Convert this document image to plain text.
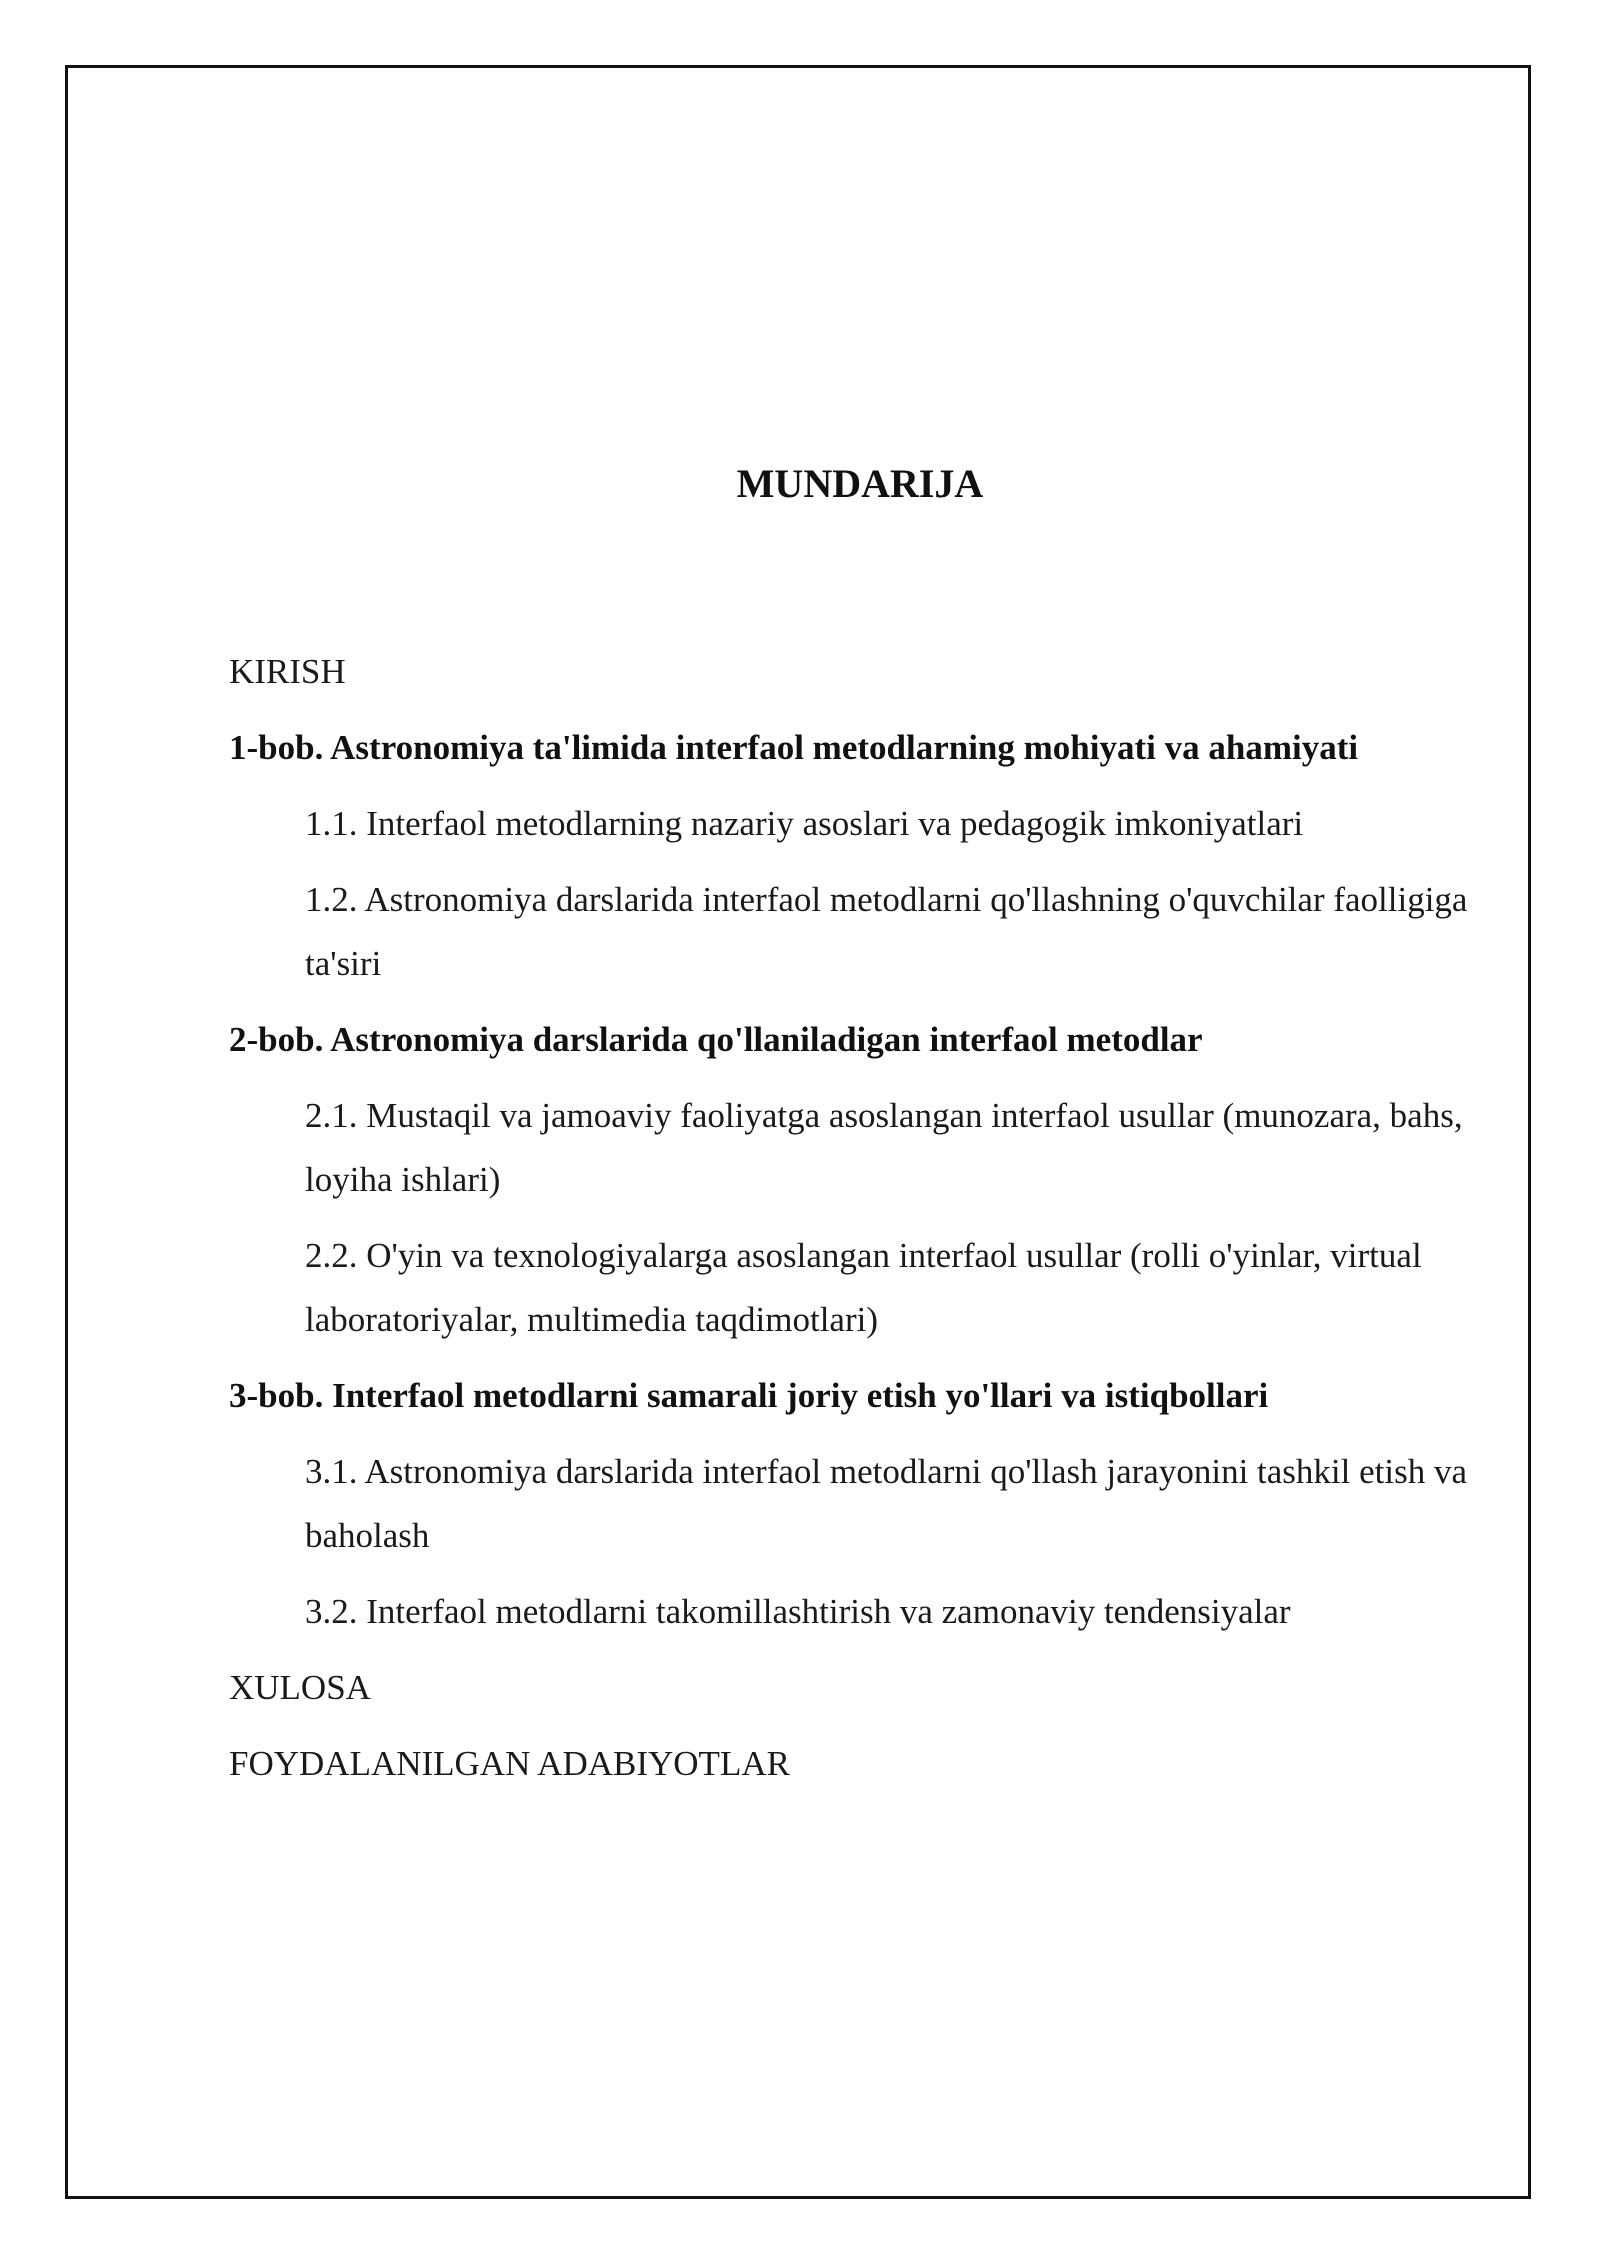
MUNDARIJA
KIRISH
1-bob. Astronomiya ta'limida interfaol metodlarning mohiyati va ahamiyati
1.1. Interfaol metodlarning nazariy asoslari va pedagogik imkoniyatlari
1.2. Astronomiya darslarida interfaol metodlarni qo'llashning o'quvchilar faolligiga ta'siri
2-bob. Astronomiya darslarida qo'llaniladigan interfaol metodlar
2.1. Mustaqil va jamoaviy faoliyatga asoslangan interfaol usullar (munozara, bahs, loyiha ishlari)
2.2. O'yin va texnologiyalarga asoslangan interfaol usullar (rolli o'yinlar, virtual laboratoriyalar, multimedia taqdimotlari)
3-bob. Interfaol metodlarni samarali joriy etish yo'llari va istiqbollari
3.1. Astronomiya darslarida interfaol metodlarni qo'llash jarayonini tashkil etish va baholash
3.2. Interfaol metodlarni takomillashtirish va zamonaviy tendensiyalar
XULOSA
FOYDALANILGAN ADABIYOTLAR
